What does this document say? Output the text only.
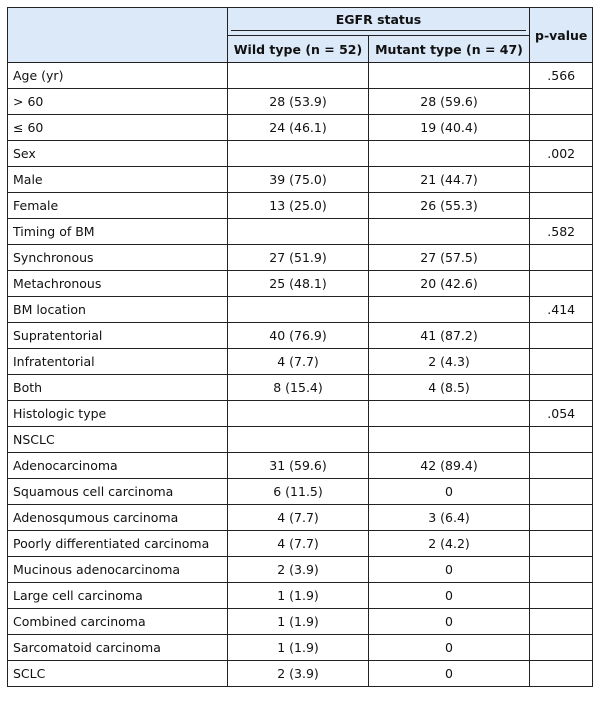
	EGFR status		p-value
	Wild type (n = 52)	Mutant type (n = 47)	
Age (yr)			.566
> 60	28 (53.9)	28 (59.6)	
≤ 60	24 (46.1)	19 (40.4)	
Sex			.002
Male	39 (75.0)	21 (44.7)	
Female	13 (25.0)	26 (55.3)	
Timing of BM			.582
Synchronous	27 (51.9)	27 (57.5)	
Metachronous	25 (48.1)	20 (42.6)	
BM location			.414
Supratentorial	40 (76.9)	41 (87.2)	
Infratentorial	4 (7.7)	2 (4.3)	
Both	8 (15.4)	4 (8.5)	
Histologic type			.054
NSCLC			
Adenocarcinoma	31 (59.6)	42 (89.4)	
Squamous cell carcinoma	6 (11.5)	0	
Adenosqumous carcinoma	4 (7.7)	3 (6.4)	
Poorly differentiated carcinoma	4 (7.7)	2 (4.2)	
Mucinous adenocarcinoma	2 (3.9)	0	
Large cell carcinoma	1 (1.9)	0	
Combined carcinoma	1 (1.9)	0	
Sarcomatoid carcinoma	1 (1.9)	0	
SCLC	2 (3.9)	0	
